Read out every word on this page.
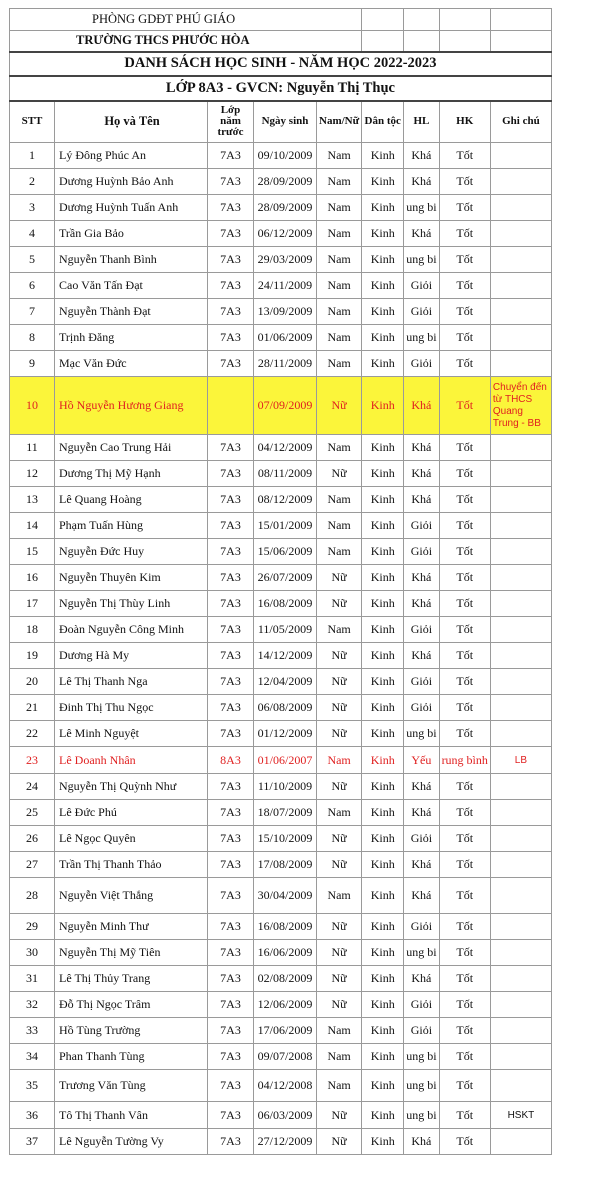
PHÒNG GDĐT PHÚ GIÁO								
TRƯỜNG THCS PHƯỚC HÒA								
DANH SÁCH HỌC SINH - NĂM HỌC 2022-2023								
LỚP 8A3 - GVCN: Nguyễn Thị Thục								
STT	Họ và Tên	Lớp năm trước	Ngày sinh	Nam/Nữ	Dân tộc	HL	HK	Ghi chú
1	Lý Đông Phúc An	7A3	09/10/2009	Nam	Kinh	Khá	Tốt	
2	Dương Huỳnh Bảo Anh	7A3	28/09/2009	Nam	Kinh	Khá	Tốt	
3	Dương Huỳnh Tuấn Anh	7A3	28/09/2009	Nam	Kinh	ung bi	Tốt	
4	Trần Gia Bảo	7A3	06/12/2009	Nam	Kinh	Khá	Tốt	
5	Nguyễn Thanh Bình	7A3	29/03/2009	Nam	Kinh	ung bi	Tốt	
6	Cao Văn Tấn Đạt	7A3	24/11/2009	Nam	Kinh	Giỏi	Tốt	
7	Nguyễn Thành Đạt	7A3	13/09/2009	Nam	Kinh	Giỏi	Tốt	
8	Trịnh Đăng	7A3	01/06/2009	Nam	Kinh	ung bi	Tốt	
9	Mạc Văn Đức	7A3	28/11/2009	Nam	Kinh	Giỏi	Tốt	
10	Hồ Nguyễn Hương Giang		07/09/2009	Nữ	Kinh	Khá	Tốt	Chuyển đến từ THCS Quang Trung - BB
11	Nguyễn Cao Trung Hải	7A3	04/12/2009	Nam	Kinh	Khá	Tốt	
12	Dương Thị Mỹ Hạnh	7A3	08/11/2009	Nữ	Kinh	Khá	Tốt	
13	Lê Quang Hoàng	7A3	08/12/2009	Nam	Kinh	Khá	Tốt	
14	Phạm Tuấn Hùng	7A3	15/01/2009	Nam	Kinh	Giỏi	Tốt	
15	Nguyễn Đức Huy	7A3	15/06/2009	Nam	Kinh	Giỏi	Tốt	
16	Nguyễn Thuyên Kim	7A3	26/07/2009	Nữ	Kinh	Khá	Tốt	
17	Nguyễn Thị Thùy Linh	7A3	16/08/2009	Nữ	Kinh	Khá	Tốt	
18	Đoàn Nguyễn Công Minh	7A3	11/05/2009	Nam	Kinh	Giỏi	Tốt	
19	Dương Hà My	7A3	14/12/2009	Nữ	Kinh	Khá	Tốt	
20	Lê Thị Thanh Nga	7A3	12/04/2009	Nữ	Kinh	Giỏi	Tốt	
21	Đinh Thị Thu Ngọc	7A3	06/08/2009	Nữ	Kinh	Giỏi	Tốt	
22	Lê Minh Nguyệt	7A3	01/12/2009	Nữ	Kinh	ung bi	Tốt	
23	Lê Doanh Nhân	8A3	01/06/2007	Nam	Kinh	Yếu	rung bình	LB
24	Nguyễn Thị Quỳnh Như	7A3	11/10/2009	Nữ	Kinh	Khá	Tốt	
25	Lê Đức Phú	7A3	18/07/2009	Nam	Kinh	Khá	Tốt	
26	Lê Ngọc Quyên	7A3	15/10/2009	Nữ	Kinh	Giỏi	Tốt	
27	Trần Thị Thanh Thảo	7A3	17/08/2009	Nữ	Kinh	Khá	Tốt	
28	Nguyễn Việt Thắng	7A3	30/04/2009	Nam	Kinh	Khá	Tốt	
29	Nguyễn Minh Thư	7A3	16/08/2009	Nữ	Kinh	Giỏi	Tốt	
30	Nguyễn Thị Mỹ Tiên	7A3	16/06/2009	Nữ	Kinh	ung bi	Tốt	
31	Lê Thị Thủy Trang	7A3	02/08/2009	Nữ	Kinh	Khá	Tốt	
32	Đỗ Thị Ngọc Trâm	7A3	12/06/2009	Nữ	Kinh	Giỏi	Tốt	
33	Hồ Tùng Trường	7A3	17/06/2009	Nam	Kinh	Giỏi	Tốt	
34	Phan Thanh Tùng	7A3	09/07/2008	Nam	Kinh	ung bi	Tốt	
35	Trương Văn Tùng	7A3	04/12/2008	Nam	Kinh	ung bi	Tốt	
36	Tô Thị Thanh Vân	7A3	06/03/2009	Nữ	Kinh	ung bi	Tốt	HSKT
37	Lê Nguyễn Tường Vy	7A3	27/12/2009	Nữ	Kinh	Khá	Tốt	
